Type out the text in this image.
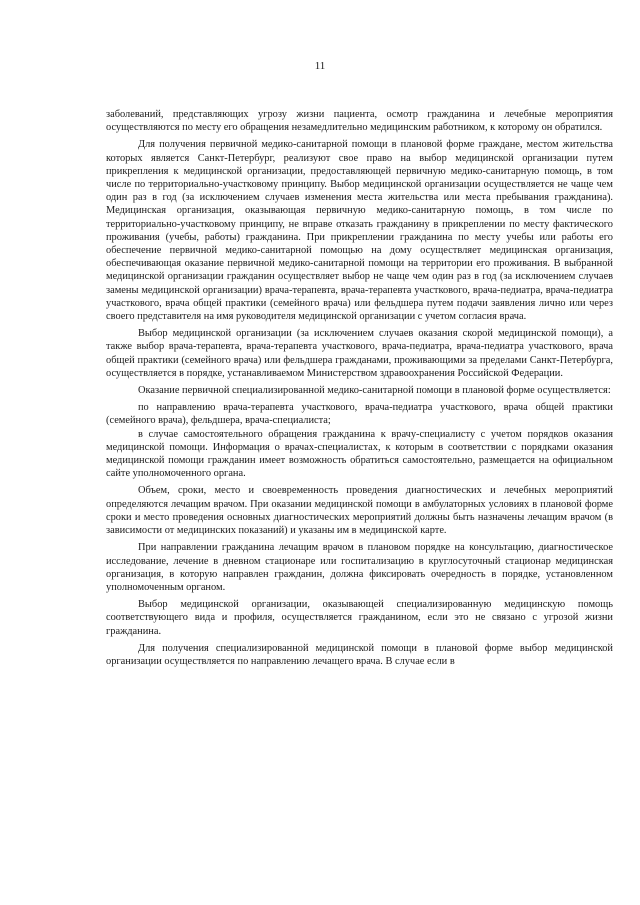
11

заболеваний, представляющих угрозу жизни пациента, осмотр гражданина и лечебные мероприятия осуществляются по месту его обращения незамедлительно медицинским работником, к которому он обратился.

Для получения первичной медико-санитарной помощи в плановой форме граждане, местом жительства которых является Санкт-Петербург, реализуют свое право на выбор медицинской организации путем прикрепления к медицинской организации, предоставляющей первичную медико-санитарную помощь, в том числе по территориально-участковому принципу. Выбор медицинской организации осуществляется не чаще чем один раз в год (за исключением случаев изменения места жительства или места пребывания гражданина). Медицинская организация, оказывающая первичную медико-санитарную помощь, в том числе по территориально-участковому принципу, не вправе отказать гражданину в прикреплении по месту фактического проживания (учебы, работы) гражданина. При прикреплении гражданина по месту учебы или работы его обеспечение первичной медико-санитарной помощью на дому осуществляет медицинская организация, обеспечивающая оказание первичной медико-санитарной помощи на территории его проживания. В выбранной медицинской организации гражданин осуществляет выбор не чаще чем один раз в год (за исключением случаев замены медицинской организации) врача-терапевта, врача-терапевта участкового, врача-педиатра, врача-педиатра участкового, врача общей практики (семейного врача) или фельдшера путем подачи заявления лично или через своего представителя на имя руководителя медицинской организации с учетом согласия врача.

Выбор медицинской организации (за исключением случаев оказания скорой медицинской помощи), а также выбор врача-терапевта, врача-терапевта участкового, врача-педиатра, врача-педиатра участкового, врача общей практики (семейного врача) или фельдшера гражданами, проживающими за пределами Санкт-Петербурга, осуществляется в порядке, устанавливаемом Министерством здравоохранения Российской Федерации.

Оказание первичной специализированной медико-санитарной помощи в плановой форме осуществляется:

по направлению врача-терапевта участкового, врача-педиатра участкового, врача общей практики (семейного врача), фельдшера, врача-специалиста;

в случае самостоятельного обращения гражданина к врачу-специалисту с учетом порядков оказания медицинской помощи. Информация о врачах-специалистах, к которым в соответствии с порядками оказания медицинской помощи гражданин имеет возможность обратиться самостоятельно, размещается на официальном сайте уполномоченного органа.

Объем, сроки, место и своевременность проведения диагностических и лечебных мероприятий определяются лечащим врачом. При оказании медицинской помощи в амбулаторных условиях в плановой форме сроки и место проведения основных диагностических мероприятий должны быть назначены лечащим врачом (в зависимости от медицинских показаний) и указаны им в медицинской карте.

При направлении гражданина лечащим врачом в плановом порядке на консультацию, диагностическое исследование, лечение в дневном стационаре или госпитализацию в круглосуточный стационар медицинская организация, в которую направлен гражданин, должна фиксировать очередность в порядке, установленном уполномоченным органом.

Выбор медицинской организации, оказывающей специализированную медицинскую помощь соответствующего вида и профиля, осуществляется гражданином, если это не связано с угрозой жизни гражданина.

Для получения специализированной медицинской помощи в плановой форме выбор медицинской организации осуществляется по направлению лечащего врача. В случае если в
